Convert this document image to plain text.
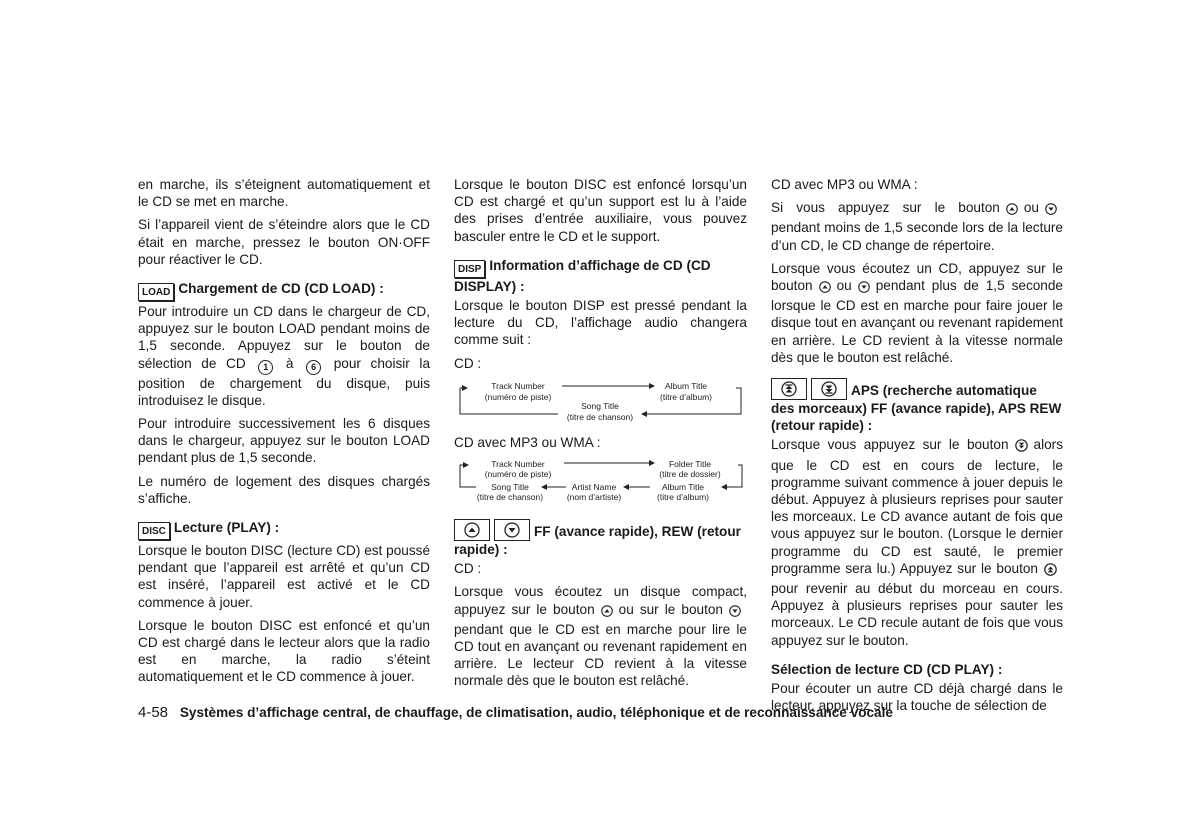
en marche, ils s’éteignent automatiquement et le CD se met en marche.

Si l’appareil vient de s’éteindre alors que le CD était en marche, pressez le bouton ON·OFF pour réactiver le CD.

LOAD Chargement de CD (CD LOAD) :

Pour introduire un CD dans le chargeur de CD, appuyez sur le bouton LOAD pendant moins de 1,5 seconde. Appuyez sur le bouton de sélection de CD 1 à 6 pour choisir la position de chargement du disque, puis introduisez le disque.

Pour introduire successivement les 6 disques dans le chargeur, appuyez sur le bouton LOAD pendant plus de 1,5 seconde.

Le numéro de logement des disques chargés s’affiche.

DISC Lecture (PLAY) :

Lorsque le bouton DISC (lecture CD) est poussé pendant que l’appareil est arrêté et qu’un CD est inséré, l’appareil est activé et le CD commence à jouer.

Lorsque le bouton DISC est enfoncé et qu’un CD est chargé dans le lecteur alors que la radio est en marche, la radio s’éteint automatiquement et le CD commence à jouer.

Lorsque le bouton DISC est enfoncé lorsqu’un CD est chargé et qu’un support est lu à l’aide des prises d’entrée auxiliaire, vous pouvez basculer entre le CD et le support.

DISP Information d’affichage de CD (CD DISPLAY) :

Lorsque le bouton DISP est pressé pendant la lecture du CD, l’affichage audio changera comme suit :

CD :

Track Number
(numéro de piste)
Album Title
(titre d’album)
Song Title
(titre de chanson)

CD avec MP3 ou WMA :

Track Number
(numéro de piste)
Folder Title
(titre de dossier)
Song Title
(titre de chanson)
Artist Name
(nom d’artiste)
Album Title
(titre d’album)
FF (avance rapide), REW (retour rapide) :

CD :

Lorsque vous écoutez un disque compact, appuyez sur le bouton ou sur le boutonpendant que le CD est en marche pour lire le CD tout en avançant ou revenant rapidement en arrière. Le lecteur CD revient à la vitesse normale dès que le bouton est relâché.

CD avec MP3 ou WMA :

Si vous appuyez sur le bouton oupendant moins de 1,5 seconde lors de la lecture d’un CD, le CD change de répertoire.

Lorsque vous écoutez un CD, appuyez sur le bouton ou pendant plus de 1,5 seconde lorsque le CD est en marche pour faire jouer le disque tout en avançant ou revenant rapidement en arrière. Le CD revient à la vitesse normale dès que le bouton est relâché.

APS (recherche automatique des morceaux) FF (avance rapide), APS REW (retour rapide) :

Lorsque vous appuyez sur le bouton alors que le CD est en cours de lecture, le programme suivant commence à jouer depuis le début. Appuyez à plusieurs reprises pour sauter les morceaux. Le CD avance autant de fois que vous appuyez sur le bouton. (Lorsque le dernier programme du CD est sauté, le premier programme sera lu.) Appuyez sur le boutonpour revenir au début du morceau en cours. Appuyez à plusieurs reprises pour sauter les morceaux. Le CD recule autant de fois que vous appuyez sur le bouton.

Sélection de lecture CD (CD PLAY) :

Pour écouter un autre CD déjà chargé dans le lecteur, appuyez sur la touche de sélection de

4-58 Systèmes d’affichage central, de chauffage, de climatisation, audio, téléphonique et de reconnaissance vocale
